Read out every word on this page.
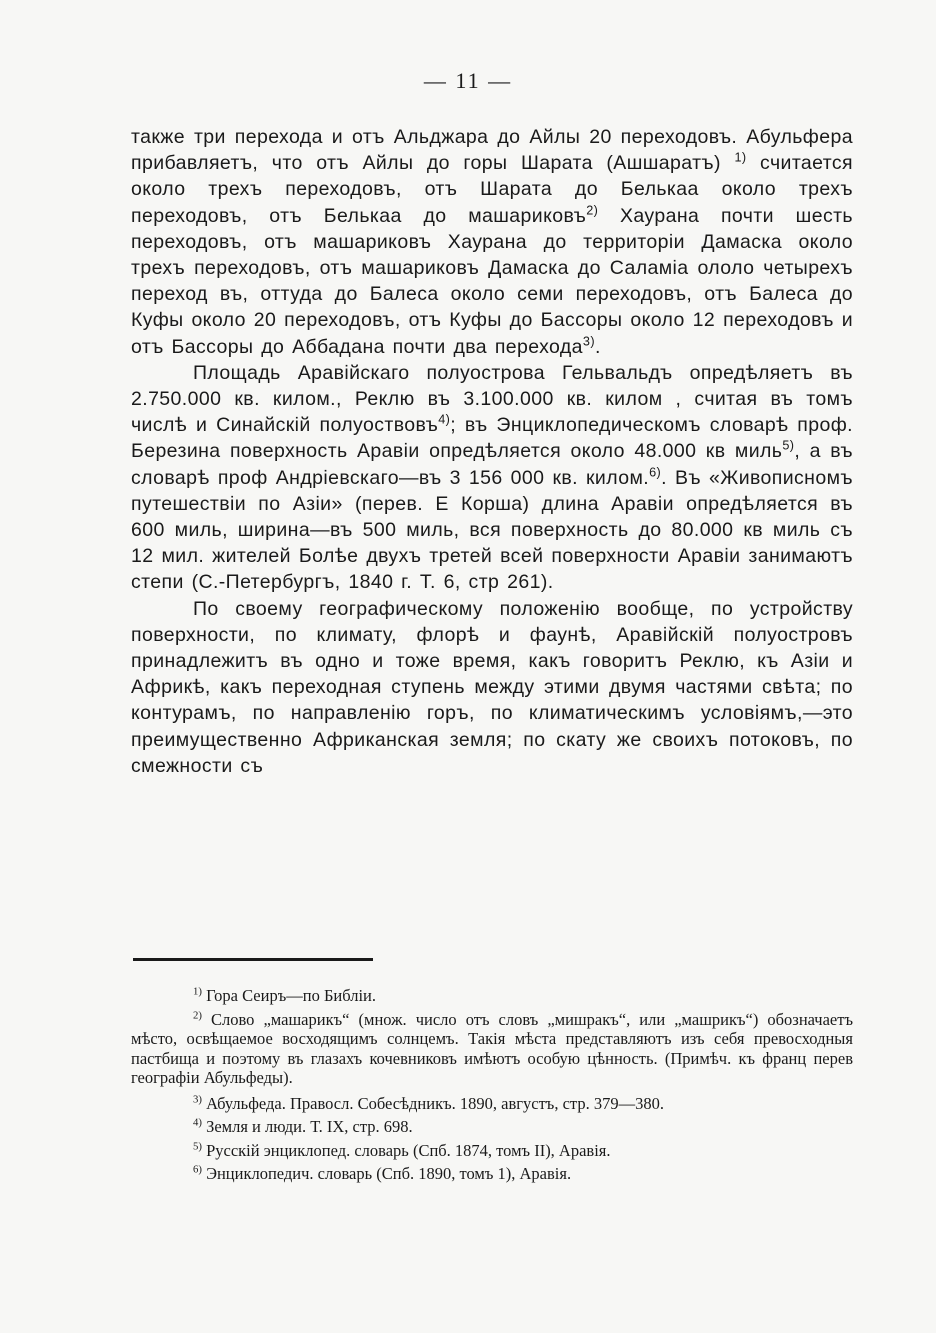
— 11 —

также три перехода и отъ Альджара до Айлы 20 переходовъ. Абульфера прибавляетъ, что отъ Айлы до горы Шарата (Ашшаратъ) $^{1)}$ считается около трехъ переходовъ, отъ Шарата до Белькаа около трехъ переходовъ, отъ Белькаа до машариковъ$^{2)}$ Хаурана почти шесть переходовъ, отъ машариковъ Хаурана до территоріи Дамаска около трехъ переходовъ, отъ машариковъ Дамаска до Саламіа ололо четырехъ переход въ, оттуда до Балеса около семи переходовъ, отъ Балеса до Куфы около 20 переходовъ, отъ Куфы до Бассоры около 12 переходовъ и отъ Бассоры до Аббадана почти два перехода$^{3)}$.

Площадь Аравійскаго полуострова Гельвальдъ опредѣляетъ въ 2.750.000 кв. килом., Реклю въ 3.100.000 кв. килом , считая въ томъ числѣ и Синайскій полуоствовъ$^{4)}$; въ Энциклопедическомъ словарѣ проф. Березина поверхность Аравіи опредѣляется около 48.000 кв миль$^{5)}$, а въ словарѣ проф Андріевскаго—въ 3 156 000 кв. килом.$^{6)}$. Въ «Живописномъ путешествіи по Азіи» (перев. Е Корша) длина Аравіи опредѣляется въ 600 миль, ширина—въ 500 миль, вся поверхность до 80.000 кв миль съ 12 мил. жителей Болѣе двухъ третей всей поверхности Аравіи занимаютъ степи (С.-Петербургъ, 1840 г. Т. 6, стр 261).

По своему географическому положенію вообще, по устройству поверхности, по климату, флорѣ и фаунѣ, Аравійскій полуостровъ принадлежитъ въ одно и тоже время, какъ говоритъ Реклю, къ Азіи и Африкѣ, какъ переходная ступень между этими двумя частями свѣта; по контурамъ, по направленію горъ, по климатическимъ условіямъ,—это преимущественно Африканская земля; по скату же своихъ потоковъ, по смежности съ

$^{1)}$ Гора Сеиръ—по Библіи.

$^{2)}$ Слово „машарикъ“ (множ. число отъ словъ „мишракъ“, или „машрикъ“) обозначаетъ мѣсто, освѣщаемое восходящимъ солнцемъ. Такія мѣста представляютъ изъ себя превосходныя пастбища и поэтому въ глазахъ кочевниковъ имѣютъ особую цѣнность. (Примѣч. къ франц перев географіи Абульфеды).

$^{3)}$ Абульфеда. Правосл. Собесѣдникъ. 1890, августъ, стр. 379—380.

$^{4)}$ Земля и люди. Т. IX, стр. 698.

$^{5)}$ Русскій энциклопед. словарь (Спб. 1874, томъ II), Аравія.

$^{6)}$ Энциклопедич. словарь (Спб. 1890, томъ 1), Аравія.
